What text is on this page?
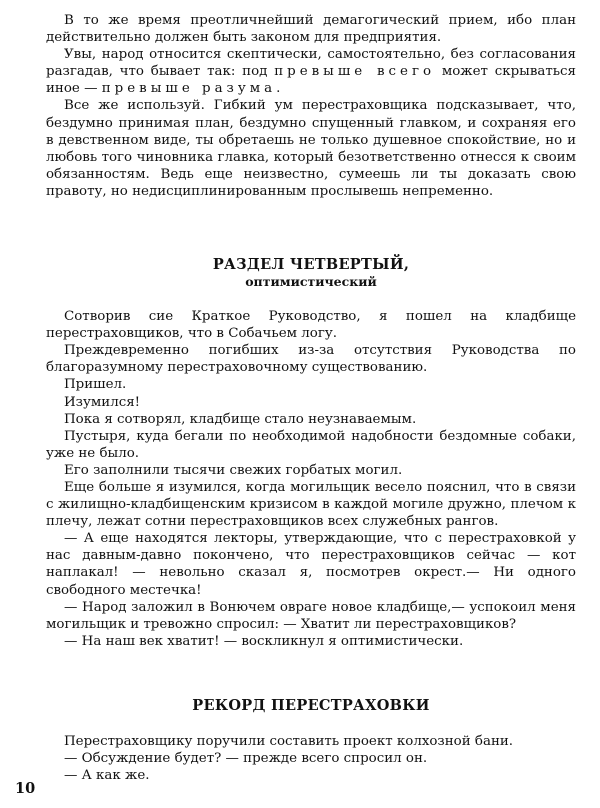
В то же время преотличнейший демагогический прием, ибо план действительно должен быть законом для предприятия.

Увы, народ относится скептически, самостоятельно, без согласования разгадав, что бывает так: под превыше всего может скрываться иное — превыше разума.

Все же используй. Гибкий ум перестраховщика подсказывает, что, бездумно принимая план, бездумно спущенный главком, и сохраняя его в девственном виде, ты обретаешь не только душевное спокойствие, но и любовь того чиновника главка, который безответственно отнесся к своим обязанностям. Ведь еще неизвестно, сумеешь ли ты доказать свою правоту, но недисциплинированным прослывешь непременно.

РАЗДЕЛ ЧЕТВЕРТЫЙ,
оптимистический

Сотворив сие Краткое Руководство, я пошел на кладбище перестраховщиков, что в Собачьем логу.

Преждевременно погибших из-за отсутствия Руководства по благоразумному перестраховочному существованию.

Пришел.

Изумился!

Пока я сотворял, кладбище стало неузнаваемым.

Пустыря, куда бегали по необходимой надобности бездомные собаки, уже не было.

Его заполнили тысячи свежих горбатых могил.

Еще больше я изумился, когда могильщик весело пояснил, что в связи с жилищно-кладбищенским кризисом в каждой могиле дружно, плечом к плечу, лежат сотни перестраховщиков всех служебных рангов.

— А еще находятся лекторы, утверждающие, что с перестраховкой у нас давным-давно покончено, что перестраховщиков сейчас — кот наплакал! — невольно сказал я, посмотрев окрест.— Ни одного свободного местечка!

— Народ заложил в Вонючем овраге новое кладбище,— успокоил меня могильщик и тревожно спросил: — Хватит ли перестраховщиков?

— На наш век хватит! — воскликнул я оптимистически.

РЕКОРД ПЕРЕСТРАХОВКИ

Перестраховщику поручили составить проект колхозной бани.

— Обсуждение будет? — прежде всего спросил он.

— А как же.

10
